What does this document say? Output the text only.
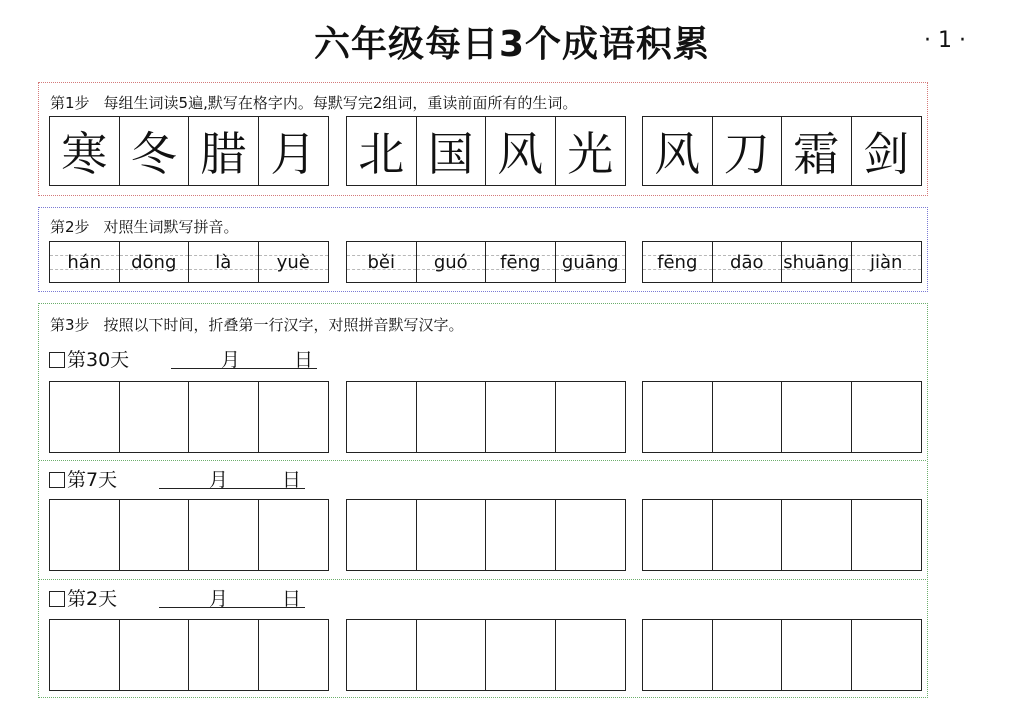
六年级每日3个成语积累	· 1 ·
第1步 每组生词读5遍,默写在格字内。每默写完2组词，重读前面所有的生词。
寒 冬 腊 月 北 国 风 光 风 刀 霜 剑
第2步 对照生词默写拼音。
hán dōng là	yuè	běi guó fēng guāng fēng dāo shuāng jiàn
第3步 按照以下时间，折叠第一行汉字，对照拼音默写汉字。
第30天	月	日
第7天	月	日
第2天	月	日
